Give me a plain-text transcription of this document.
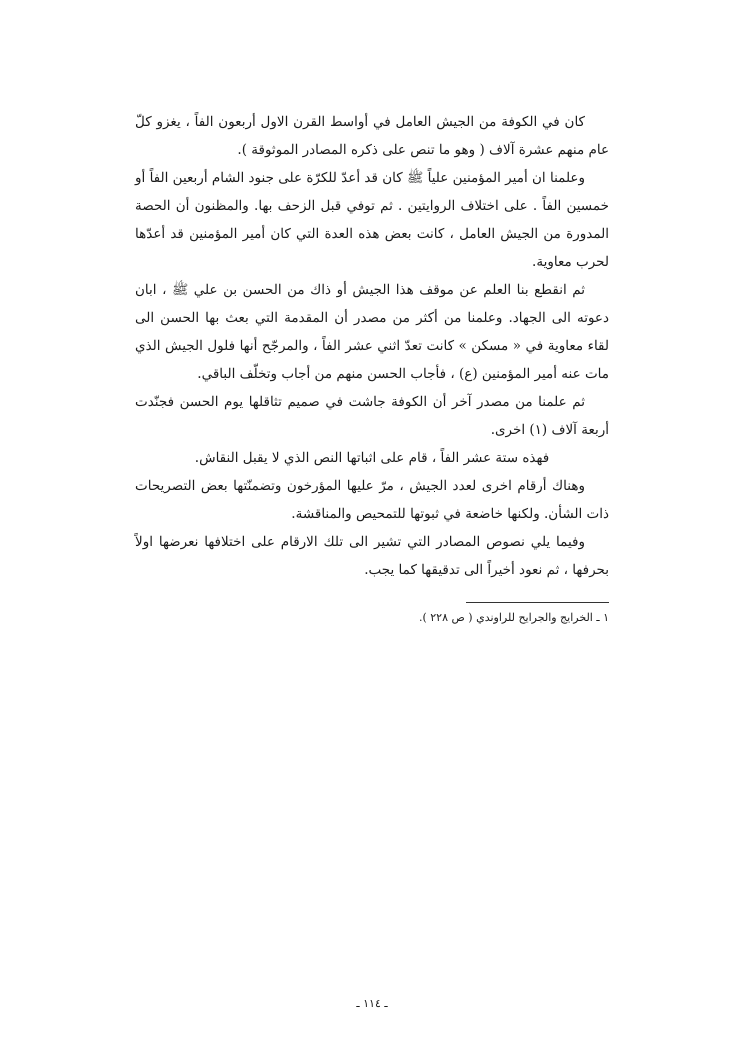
كان في الكوفة من الجيش العامل في أواسط القرن الاول أربعون الفاً ، يغزو كلّ عام منهم عشرة آلاف ( وهو ما تنص على ذكره المصادر الموثوقة ).

وعلمنا ان أمير المؤمنين علياً ﷺ كان قد أعدّ للكرّة على جنود الشام أربعين الفاً أو خمسين الفاً . على اختلاف الروايتين . ثم توفي قبل الزحف بها. والمظنون أن الحصة المدورة من الجيش العامل ، كانت بعض هذه العدة التي كان أمير المؤمنين قد أعدّها لحرب معاوية.

ثم انقطع بنا العلم عن موقف هذا الجيش أو ذاك من الحسن بن علي ﷺ ، ابان دعوته الى الجهاد. وعلمنا من أكثر من مصدر أن المقدمة التي بعث بها الحسن الى لقاء معاوية في « مسكن » كانت تعدّ اثني عشر الفاً ، والمرجّح أنها فلول الجيش الذي مات عنه أمير المؤمنين (ع) ، فأجاب الحسن منهم من أجاب وتخلّف الباقي.

ثم علمنا من مصدر آخر أن الكوفة جاشت في صميم تثاقلها يوم الحسن فجنّدت أربعة آلاف (١) اخرى.

فهذه ستة عشر الفاً ، قام على اثباتها النص الذي لا يقبل النقاش.

وهناك أرقام اخرى لعدد الجيش ، مرّ عليها المؤرخون وتضمنّتها بعض التصريحات ذات الشأن. ولكنها خاضعة في ثبوتها للتمحيص والمناقشة.

وفيما يلي نصوص المصادر التي تشير الى تلك الارقام على اختلافها نعرضها اولاً بحرفها ، ثم نعود أخيراً الى تدقيقها كما يجب.

١ ـ الخرايج والجرايح للراوندي ( ص ٢٢٨ ).
ـ ١١٤ ـ
